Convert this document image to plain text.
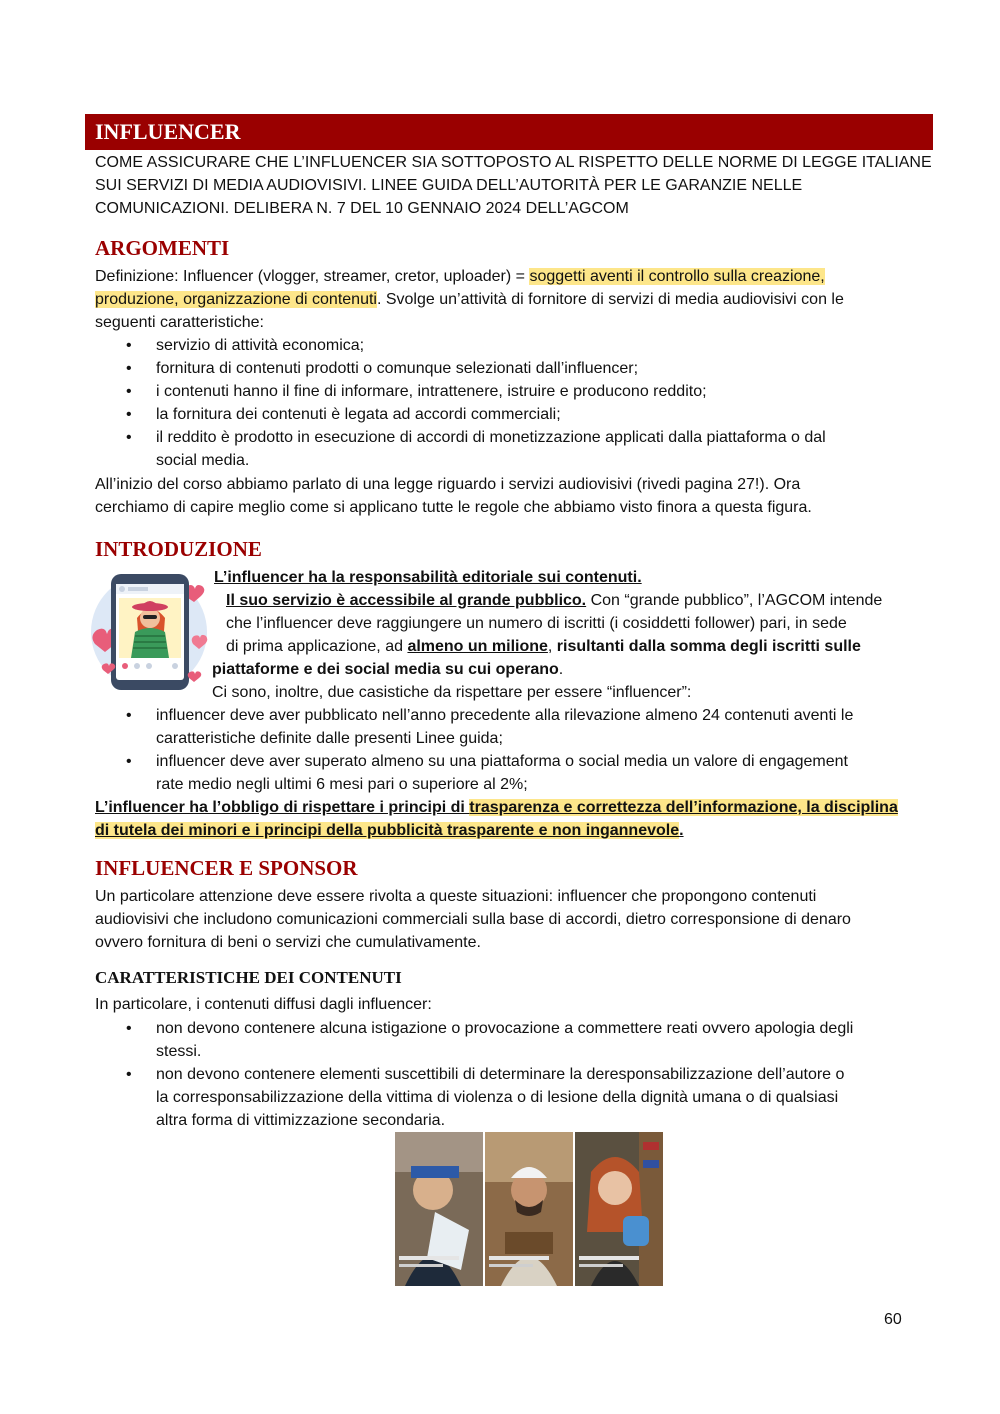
INFLUENCER
COME ASSICURARE CHE L’INFLUENCER SIA SOTTOPOSTO AL RISPETTO DELLE NORME DI LEGGE ITALIANE
SUI SERVIZI DI MEDIA AUDIOVISIVI. LINEE GUIDA DELL’AUTORITÀ PER LE GARANZIE NELLE
COMUNICAZIONI. DELIBERA N. 7 DEL 10 GENNAIO 2024 DELL’AGCOM
ARGOMENTI
Definizione: Influencer (vlogger, streamer, cretor, uploader) = soggetti aventi il controllo sulla creazione,
produzione, organizzazione di contenuti. Svolge un’attività di fornitore di servizi di media audiovisivi con le
seguenti caratteristiche:
• servizio di attività economica;
• fornitura di contenuti prodotti o comunque selezionati dall’influencer;
• i contenuti hanno il fine di informare, intrattenere, istruire e producono reddito;
• la fornitura dei contenuti è legata ad accordi commerciali;
• il reddito è prodotto in esecuzione di accordi di monetizzazione applicati dalla piattaforma o dal
social media.
All’inizio del corso abbiamo parlato di una legge riguardo i servizi audiovisivi (rivedi pagina 27!). Ora
cerchiamo di capire meglio come si applicano tutte le regole che abbiamo visto finora a questa figura.
INTRODUZIONE
L’influencer ha la responsabilità editoriale sui contenuti.
Il suo servizio è accessibile al grande pubblico. Con “grande pubblico”, l’AGCOM intende
che l’influencer deve raggiungere un numero di iscritti (i cosiddetti follower) pari, in sede
di prima applicazione, ad almeno un milione, risultanti dalla somma degli iscritti sulle
piattaforme e dei social media su cui operano.
Ci sono, inoltre, due casistiche da rispettare per essere “influencer”:
• influencer deve aver pubblicato nell’anno precedente alla rilevazione almeno 24 contenuti aventi le
caratteristiche definite dalle presenti Linee guida;
• influencer deve aver superato almeno su una piattaforma o social media un valore di engagement
rate medio negli ultimi 6 mesi pari o superiore al 2%;
L’influencer ha l’obbligo di rispettare i principi di trasparenza e correttezza dell’informazione, la disciplina
di tutela dei minori e i principi della pubblicità trasparente e non ingannevole.
INFLUENCER E SPONSOR
Un particolare attenzione deve essere rivolta a queste situazioni: influencer che propongono contenuti
audiovisivi che includono comunicazioni commerciali sulla base di accordi, dietro corresponsione di denaro
ovvero fornitura di beni o servizi che cumulativamente.
CARATTERISTICHE DEI CONTENUTI
In particolare, i contenuti diffusi dagli influencer:
• non devono contenere alcuna istigazione o provocazione a commettere reati ovvero apologia degli
stessi.
• non devono contenere elementi suscettibili di determinare la deresponsabilizzazione dell’autore o
la corresponsabilizzazione della vittima di violenza o di lesione della dignità umana o di qualsiasi
altra forma di vittimizzazione secondaria.
60
